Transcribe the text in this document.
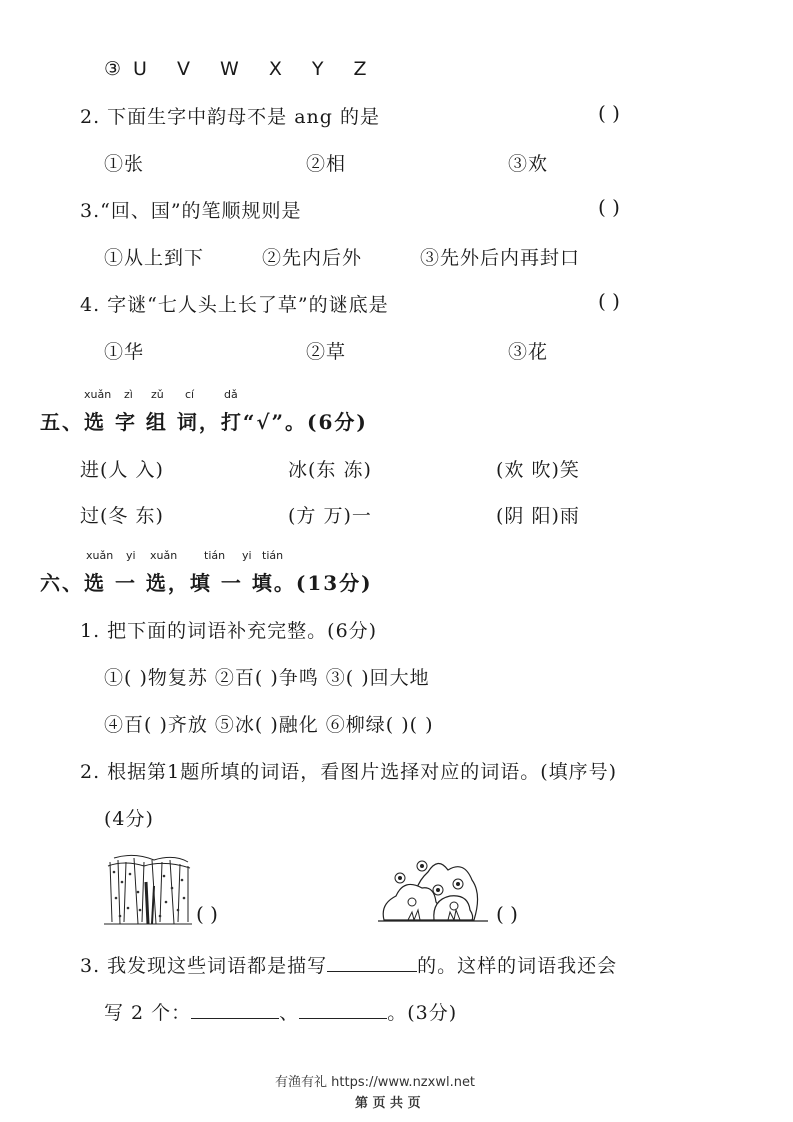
③U V W X Y Z
2. 下面生字中韵母不是 ang 的是	( )
①张	②相	③欢
3.“回、国”的笔顺规则是	( )
①从上到下	②先内后外	③先外后内再封口
4. 字谜“七人头上长了草”的谜底是	( )
①华	②草	③花
xuǎn zì zǔ cí	dǎ
五、选 字 组 词，打“√”。(6分)
进(人 入)	冰(东 冻)	(欢 吹)笑
过(冬 东)	(方 万)一	(阴 阳)雨
xuǎn yi xuǎn tián yi tián
六、选 一 选，填 一 填。(13分)
1. 把下面的词语补充完整。(6分)
①( )物复苏 ②百( )争鸣 ③( )回大地
④百( )齐放 ⑤冰( )融化 ⑥柳绿( )( )
2. 根据第1题所填的词语，看图片选择对应的词语。(填序号)
(4分)
( )	( )
3. 我发现这些词语都是描写	的。这样的词语我还会
写 2 个：	、	。(3分)
有渔有礼 https://www.nzxwl.net
第 页 共 页
